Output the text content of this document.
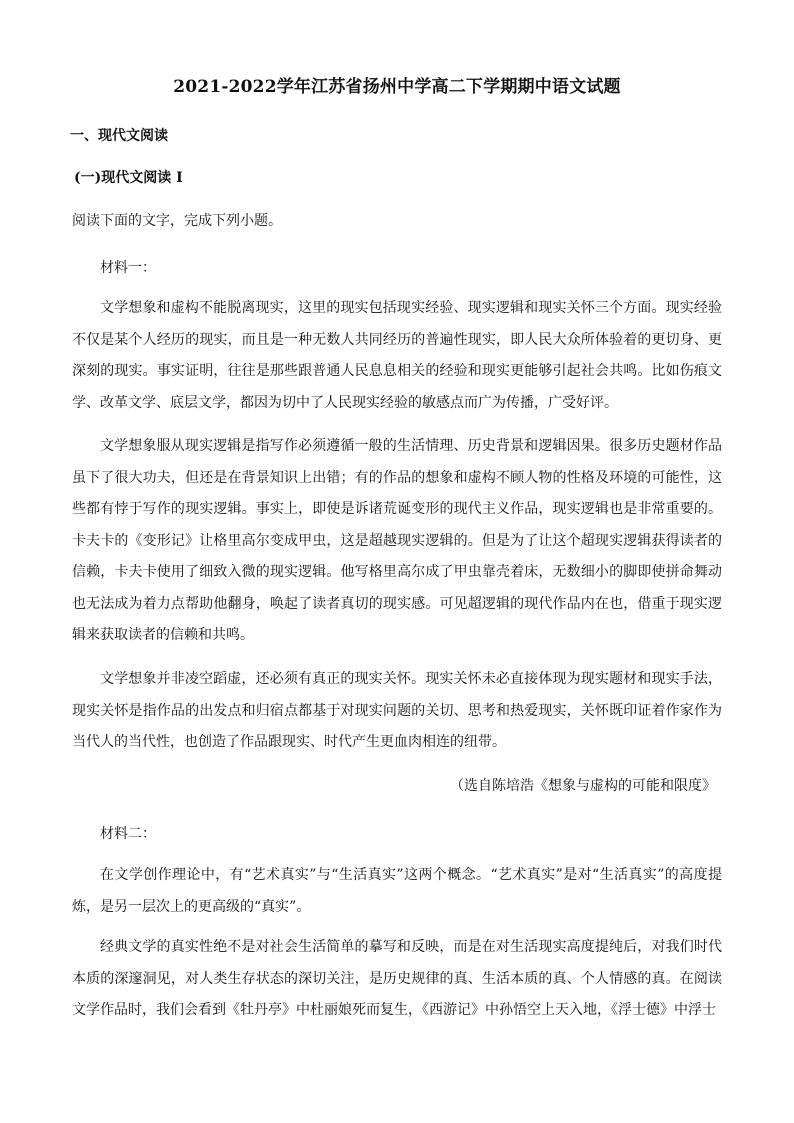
2021-2022学年江苏省扬州中学高二下学期期中语文试题
一、现代文阅读
(一)现代文阅读 I
阅读下面的文字，完成下列小题。
材料一：

文学想象和虚构不能脱离现实，这里的现实包括现实经验、现实逻辑和现实关怀三个方面。现实经验不仅是某个人经历的现实，而且是一种无数人共同经历的普遍性现实，即人民大众所体验着的更切身、更深刻的现实。事实证明，往往是那些跟普通人民息息相关的经验和现实更能够引起社会共鸣。比如伤痕文学、改革文学、底层文学，都因为切中了人民现实经验的敏感点而广为传播，广受好评。

文学想象服从现实逻辑是指写作必须遵循一般的生活情理、历史背景和逻辑因果。很多历史题材作品虽下了很大功夫，但还是在背景知识上出错；有的作品的想象和虚构不顾人物的性格及环境的可能性，这些都有悖于写作的现实逻辑。事实上，即使是诉诸荒诞变形的现代主义作品，现实逻辑也是非常重要的。卡夫卡的《变形记》让格里高尔变成甲虫，这是超越现实逻辑的。但是为了让这个超现实逻辑获得读者的信赖，卡夫卡使用了细致入微的现实逻辑。他写格里高尔成了甲虫靠壳着床，无数细小的脚即使拼命舞动也无法成为着力点帮助他翻身，唤起了读者真切的现实感。可见超逻辑的现代作品内在也，借重于现实逻辑来获取读者的信赖和共鸣。

文学想象并非凌空蹈虚，还必须有真正的现实关怀。现实关怀未必直接体现为现实题材和现实手法，现实关怀是指作品的出发点和归宿点都基于对现实问题的关切、思考和热爱现实，关怀既印证着作家作为当代人的当代性，也创造了作品跟现实、时代产生更血肉相连的纽带。

（选自陈培浩《想象与虚构的可能和限度》
材料二：

在文学创作理论中，有“艺术真实”与“生活真实”这两个概念。“艺术真实”是对“生活真实”的高度提炼，是另一层次上的更高级的“真实”。

经典文学的真实性绝不是对社会生活简单的摹写和反映，而是在对生活现实高度提纯后，对我们时代本质的深邃洞见，对人类生存状态的深切关注，是历史规律的真、生活本质的真、个人情感的真。在阅读文学作品时，我们会看到《牡丹亭》中杜丽娘死而复生，《西游记》中孙悟空上天入地，《浮士德》中浮士
